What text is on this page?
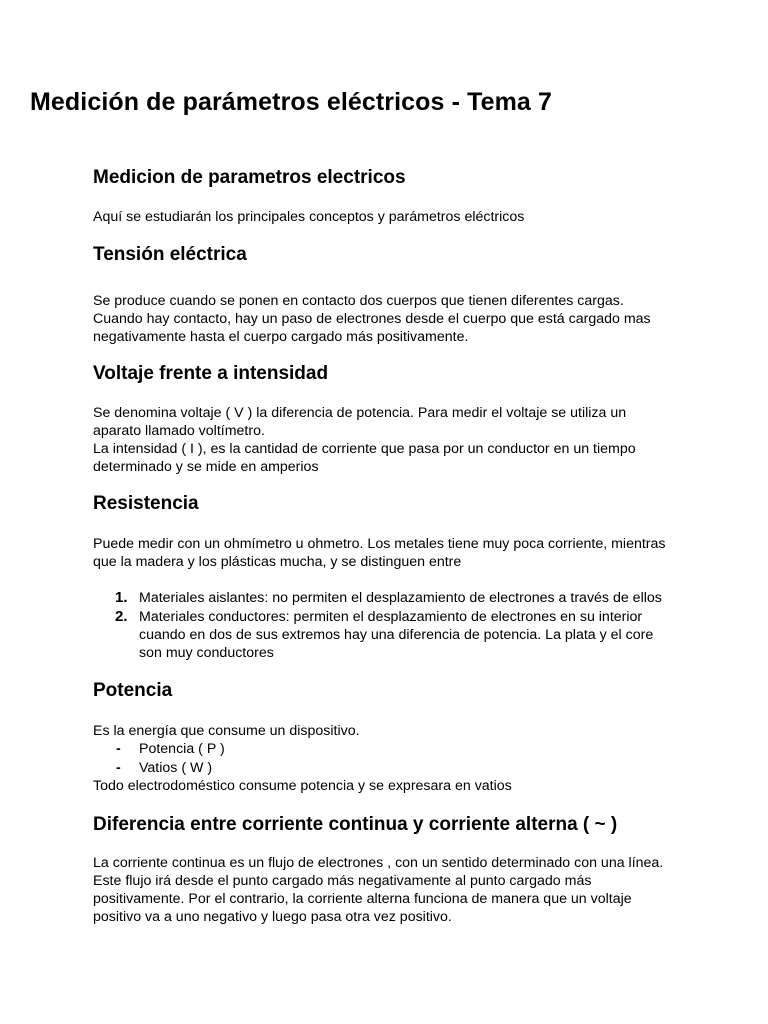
Medición de parámetros eléctricos - Tema 7
Medicion de parametros electricos
Aquí se estudiarán los principales conceptos y parámetros eléctricos
Tensión eléctrica
Se produce cuando se ponen en contacto dos cuerpos que tienen diferentes cargas.
Cuando hay contacto, hay un paso de electrones desde el cuerpo que está cargado mas
negativamente hasta el cuerpo cargado más positivamente.
Voltaje frente a intensidad
Se denomina voltaje ( V ) la diferencia de potencia. Para medir el voltaje se utiliza un
aparato llamado voltímetro.
La intensidad ( I ), es la cantidad de corriente que pasa por un conductor en un tiempo
determinado y se mide en amperios
Resistencia
Puede medir con un ohmímetro u ohmetro. Los metales tiene muy poca corriente, mientras
que la madera y los plásticas mucha, y se distinguen entre
1. Materiales aislantes: no permiten el desplazamiento de electrones a través de ellos
2. Materiales conductores: permiten el desplazamiento de electrones en su interior
cuando en dos de sus extremos hay una diferencia de potencia. La plata y el core
son muy conductores
Potencia
Es la energía que consume un dispositivo.
-	Potencia ( P )
-	Vatios ( W )
Todo electrodoméstico consume potencia y se expresara en vatios
Diferencia entre corriente continua y corriente alterna ( ~ )
La corriente continua es un flujo de electrones , con un sentido determinado con una línea.
Este flujo irá desde el punto cargado más negativamente al punto cargado más
positivamente. Por el contrario, la corriente alterna funciona de manera que un voltaje
positivo va a uno negativo y luego pasa otra vez positivo.
